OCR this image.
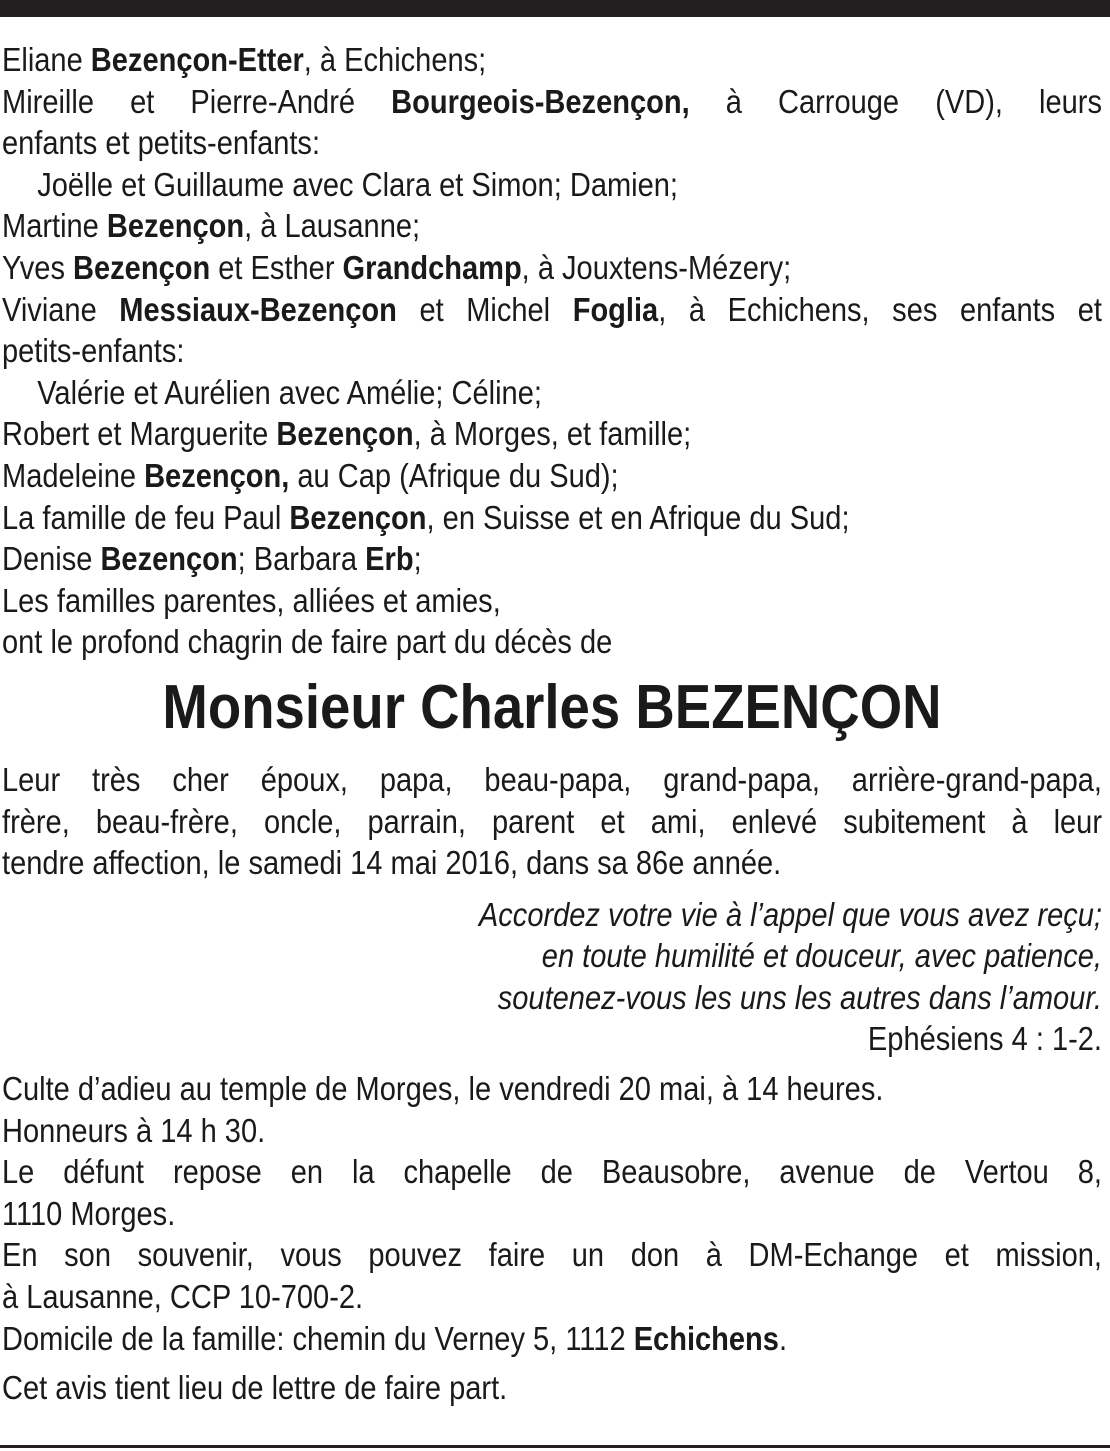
Eliane Bezençon-Etter, à Echichens;
Mireille et Pierre-André Bourgeois-Bezençon, à Carrouge (VD), leurs
enfants et petits-enfants:
Joëlle et Guillaume avec Clara et Simon; Damien;
Martine Bezençon, à Lausanne;
Yves Bezençon et Esther Grandchamp, à Jouxtens-Mézery;
Viviane Messiaux-Bezençon et Michel Foglia, à Echichens, ses enfants et
petits-enfants:
Valérie et Aurélien avec Amélie; Céline;
Robert et Marguerite Bezençon, à Morges, et famille;
Madeleine Bezençon, au Cap (Afrique du Sud);
La famille de feu Paul Bezençon, en Suisse et en Afrique du Sud;
Denise Bezençon; Barbara Erb;
Les familles parentes, alliées et amies,
ont le profond chagrin de faire part du décès de
Monsieur Charles BEZENÇON
Leur très cher époux, papa, beau-papa, grand-papa, arrière-grand-papa,
frère, beau-frère, oncle, parrain, parent et ami, enlevé subitement à leur
tendre affection, le samedi 14 mai 2016, dans sa 86e année.
Accordez votre vie à l’appel que vous avez reçu;
en toute humilité et douceur, avec patience,
soutenez-vous les uns les autres dans l’amour.
Ephésiens 4 : 1-2.
Culte d’adieu au temple de Morges, le vendredi 20 mai, à 14 heures.
Honneurs à 14 h 30.
Le défunt repose en la chapelle de Beausobre, avenue de Vertou 8,
1110 Morges.
En son souvenir, vous pouvez faire un don à DM-Echange et mission,
à Lausanne, CCP 10-700-2.
Domicile de la famille: chemin du Verney 5, 1112 Echichens.
Cet avis tient lieu de lettre de faire part.
